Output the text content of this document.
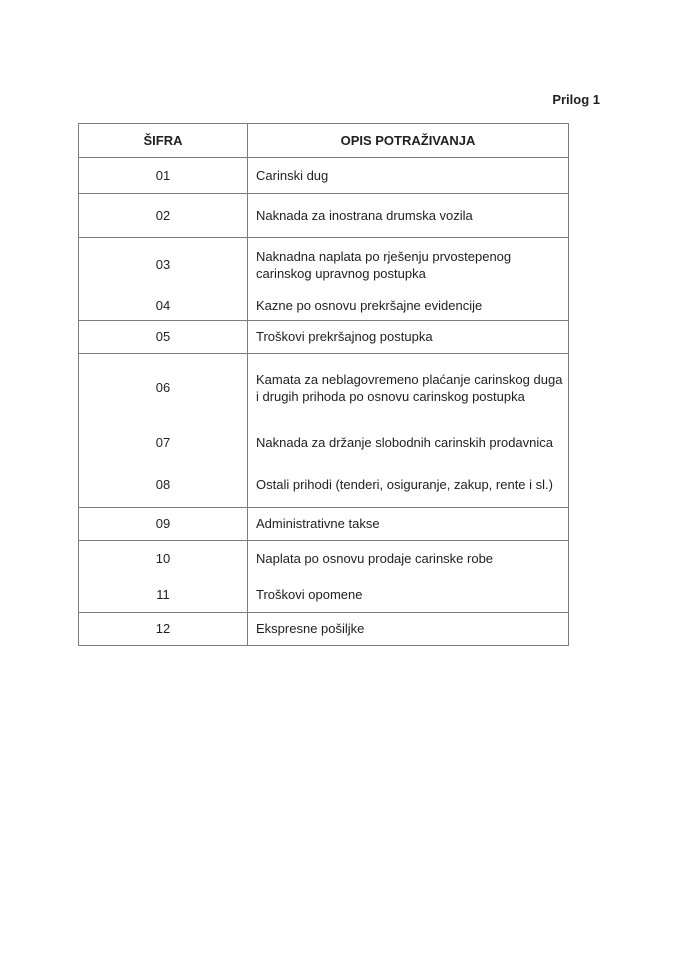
Prilog 1
ŠIFRA	OPIS POTRAŽIVANJA
01	Carinski dug
02	Naknada za inostrana drumska vozila
03	Naknadna naplata po rješenju prvostepenog carinskog upravnog postupka
04	Kazne po osnovu prekršajne evidencije
05	Troškovi prekršajnog postupka
06	Kamata za neblagovremeno plaćanje carinskog duga i drugih prihoda po osnovu carinskog postupka
07	Naknada za držanje slobodnih carinskih prodavnica
08	Ostali prihodi (tenderi, osiguranje, zakup, rente i sl.)
09	Administrativne takse
10	Naplata po osnovu prodaje carinske robe
11	Troškovi opomene
12	Ekspresne pošiljke
